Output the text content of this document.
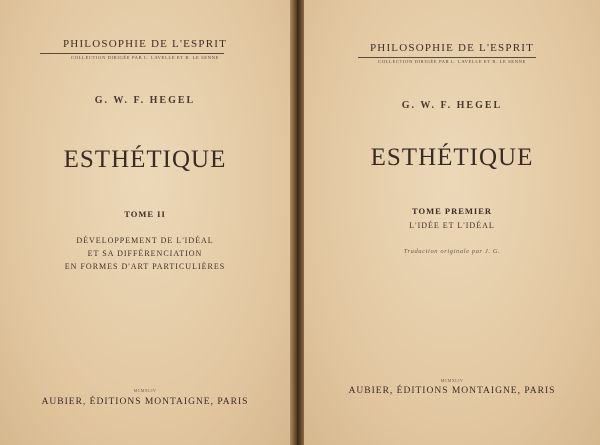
PHILOSOPHIE DE L'ESPRIT
COLLECTION DIRIGÉE PAR L. LAVELLE ET R. LE SENNE
G. W. F. HEGEL
ESTHÉTIQUE
TOME II
DÉVELOPPEMENT DE L'IDÉAL
ET SA DIFFÉRENCIATION
EN FORMES D'ART PARTICULIÈRES
MCMXLIV
AUBIER, ÉDITIONS MONTAIGNE, PARIS
PHILOSOPHIE DE L'ESPRIT
COLLECTION DIRIGÉE PAR L. LAVELLE ET R. LE SENNE
G. W. F. HEGEL
ESTHÉTIQUE
TOME PREMIER
L'IDÉE ET L'IDÉAL
Traduction originale par J. G.
MCMXLIV
AUBIER, ÉDITIONS MONTAIGNE, PARIS
